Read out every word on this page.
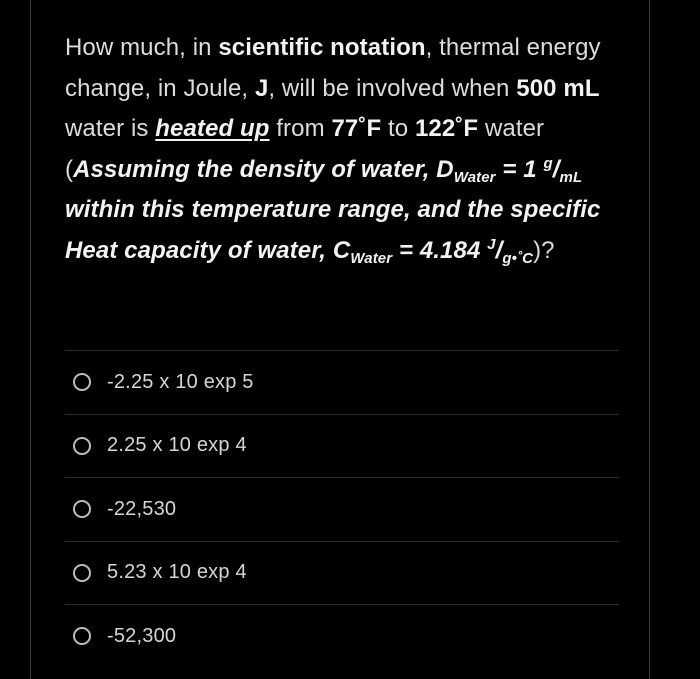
How much, in scientific notation, thermal energy change, in Joule, J, will be involved when 500 mL water is heated up from 77˚F to 122˚F water (Assuming the density of water, $D_{Water} = 1$ $^g/_{mL}$ within this temperature range, and the specific Heat capacity of water, $C_{Water} = 4.184$ $^J/_{g•˚C}$)?
-2.25 x 10 exp 5
2.25 x 10 exp 4
-22,530
5.23 x 10 exp 4
-52,300
